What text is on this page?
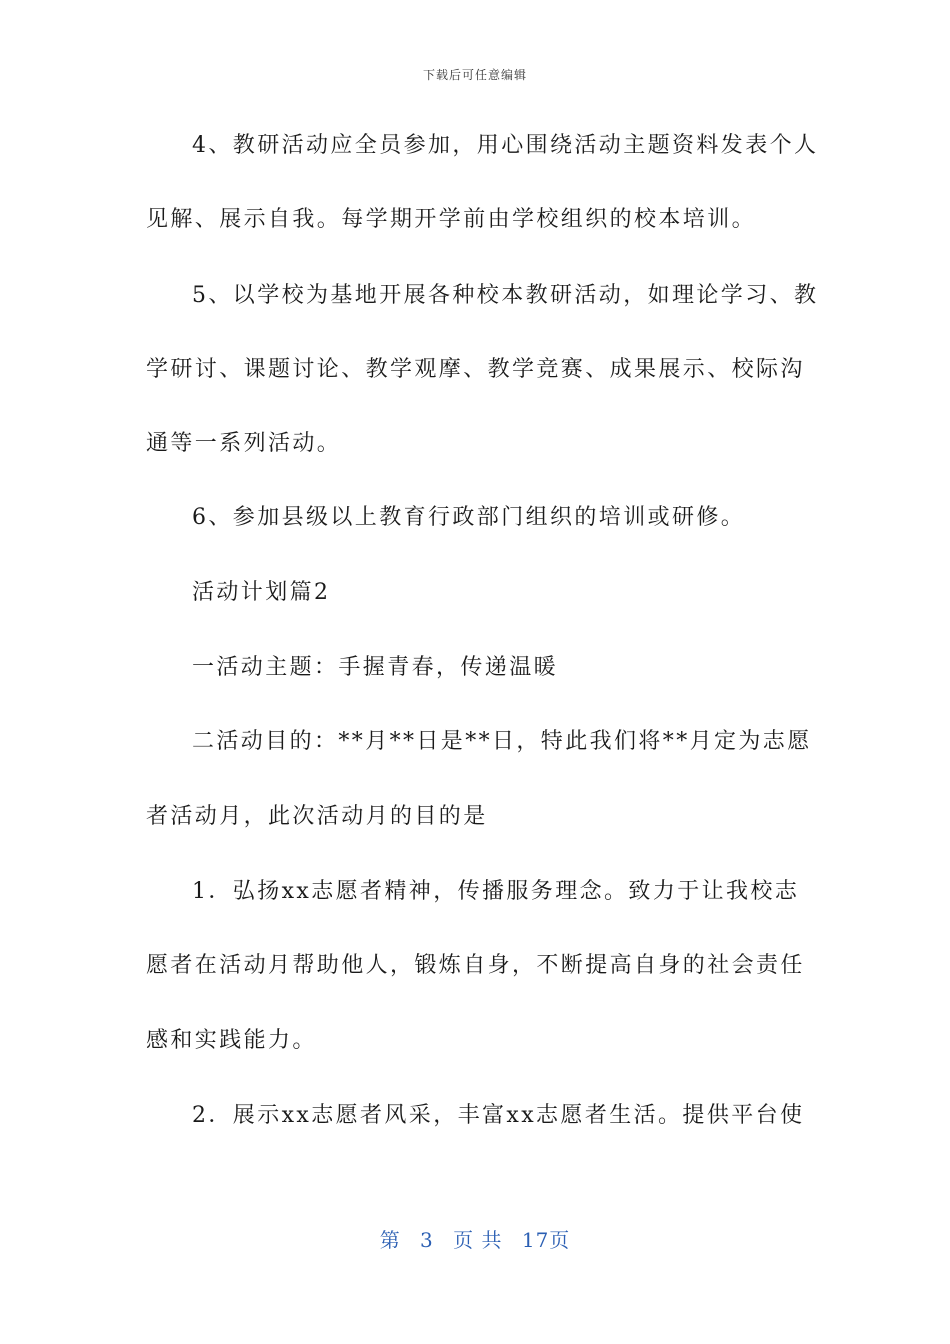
下载后可任意编辑
4、教研活动应全员参加，用心围绕活动主题资料发表个人
见解、展示自我。每学期开学前由学校组织的校本培训。
5、以学校为基地开展各种校本教研活动，如理论学习、教
学研讨、课题讨论、教学观摩、教学竞赛、成果展示、校际沟
通等一系列活动。
6、参加县级以上教育行政部门组织的培训或研修。
活动计划篇2
一活动主题：手握青春，传递温暖
二活动目的：**月**日是**日，特此我们将**月定为志愿
者活动月，此次活动月的目的是
1．弘扬xx志愿者精神，传播服务理念。致力于让我校志
愿者在活动月帮助他人，锻炼自身，不断提高自身的社会责任
感和实践能力。
2．展示xx志愿者风采，丰富xx志愿者生活。提供平台使
第 3 页 共 17页
